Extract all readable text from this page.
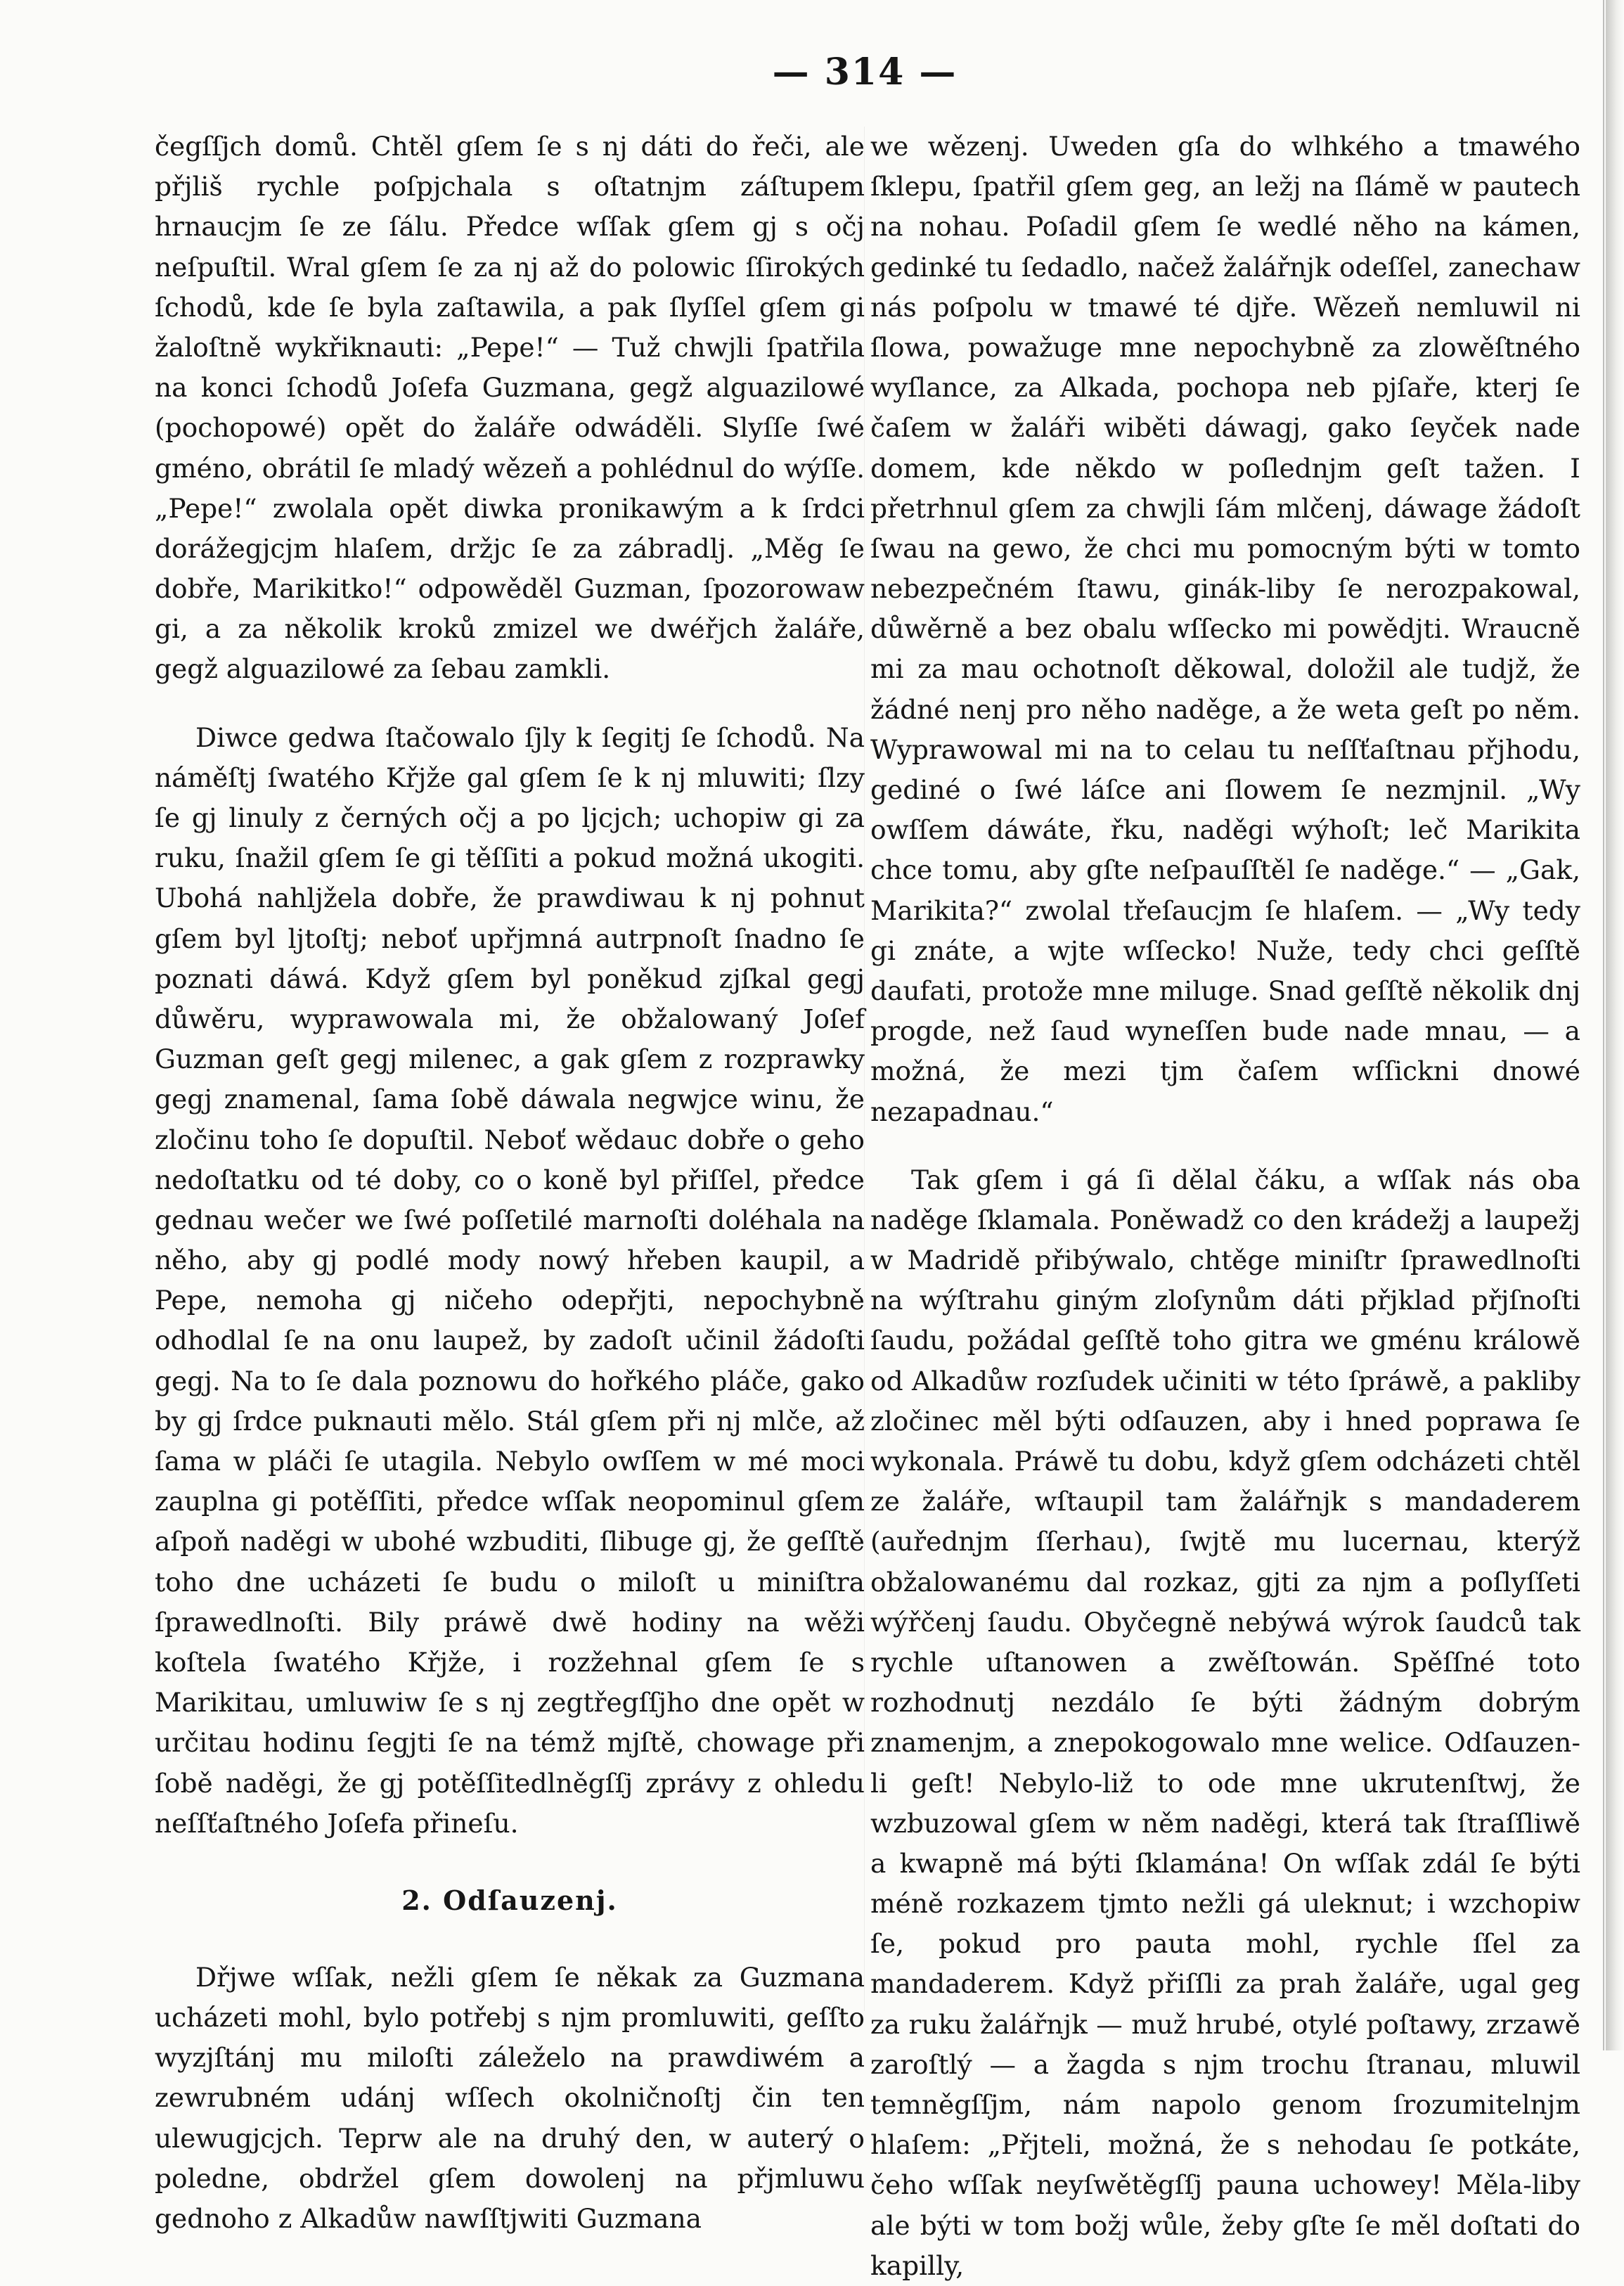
— 314 —

čegſſjch domů. Chtěl gſem ſe s nj dáti do řeči, ale přjliš rychle poſpjchala s oſtatnjm záſtupem hrnaucjm ſe ze ſálu. Předce wſſak gſem gj s očj neſpuſtil. Wral gſem ſe za nj až do polowic ſſirokých ſchodů, kde ſe byla zaſtawila, a pak ſlyſſel gſem gi žaloſtně wykřiknauti: „Pepe!“ — Tuž chwjli ſpatřila na konci ſchodů Joſefa Guzmana, gegž alguazilowé (pochopowé) opět do žaláře odwáděli. Slyſſe ſwé gméno, obrátil ſe mladý wězeň a pohlédnul do wýſſe. „Pepe!“ zwolala opět diwka pronikawým a k ſrdci dorážegjcjm hlaſem, držjc ſe za zábradlj. „Měg ſe dobře, Marikitko!“ odpowěděl Guzman, ſpozorowaw gi, a za několik kroků zmizel we dwéřjch žaláře, gegž alguazilowé za ſebau zamkli.

Diwce gedwa ſtačowalo ſjly k ſegitj ſe ſchodů. Na náměſtj ſwatého Křjže gal gſem ſe k nj mluwiti; ſlzy ſe gj linuly z černých očj a po ljcjch; uchopiw gi za ruku, ſnažil gſem ſe gi těſſiti a pokud možná ukogiti. Ubohá nahljžela dobře, že prawdiwau k nj pohnut gſem byl ljtoſtj; neboť upřjmná autrpnoſt ſnadno ſe poznati dáwá. Když gſem byl poněkud zjſkal gegj důwěru, wyprawowala mi, že obžalowaný Joſef Guzman geſt gegj milenec, a gak gſem z rozprawky gegj znamenal, ſama ſobě dáwala negwjce winu, že zločinu toho ſe dopuſtil. Neboť wědauc dobře o geho nedoſtatku od té doby, co o koně byl přiſſel, předce gednau wečer we ſwé poſſetilé marnoſti doléhala na něho, aby gj podlé mody nowý hřeben kaupil, a Pepe, nemoha gj ničeho odepřjti, nepochybně odhodlal ſe na onu laupež, by zadoſt učinil žádoſti gegj. Na to ſe dala poznowu do hořkého pláče, gako by gj ſrdce puknauti mělo. Stál gſem při nj mlče, až ſama w pláči ſe utagila. Nebylo owſſem w mé moci zauplna gi potěſſiti, předce wſſak neopominul gſem aſpoň naděgi w ubohé wzbuditi, ſlibuge gj, že geſſtě toho dne ucházeti ſe budu o miloſt u miniſtra ſprawedlnoſti. Bily práwě dwě hodiny na wěži koſtela ſwatého Křjže, i rozžehnal gſem ſe s Marikitau, umluwiw ſe s nj zegtřegſſjho dne opět w určitau hodinu ſegjti ſe na témž mjſtě, chowage při ſobě naděgi, že gj potěſſitedlněgſſj zprávy z ohledu neſſťaſtného Joſefa přineſu.

2. Odſauzenj.

Dřjwe wſſak, nežli gſem ſe někak za Guzmana ucházeti mohl, bylo potřebj s njm promluwiti, geſſto wyzjſtánj mu miloſti záleželo na prawdiwém a zewrubném udánj wſſech okolničnoſtj čin ten ulewugjcjch. Teprw ale na druhý den, w auterý o poledne, obdržel gſem dowolenj na přjmluwu gednoho z Alkadůw nawſſtjwiti Guzmana

we wězenj. Uweden gſa do wlhkého a tmawého ſklepu, ſpatřil gſem geg, an ležj na ſlámě w pautech na nohau. Poſadil gſem ſe wedlé něho na kámen, gedinké tu ſedadlo, načež žalářnjk odeſſel, zanechaw nás poſpolu w tmawé té djře. Wězeň nemluwil ni ſlowa, powažuge mne nepochybně za zlowěſtného wyſlance, za Alkada, pochopa neb pjſaře, kterj ſe čaſem w žaláři wiběti dáwagj, gako ſeyček nade domem, kde někdo w poſlednjm geſt tažen. I přetrhnul gſem za chwjli ſám mlčenj, dáwage žádoſt ſwau na gewo, že chci mu pomocným býti w tomto nebezpečném ſtawu, ginák-liby ſe nerozpakowal, důwěrně a bez obalu wſſecko mi powědjti. Wraucně mi za mau ochotnoſt děkowal, doložil ale tudjž, že žádné nenj pro něho naděge, a že weta geſt po něm. Wyprawowal mi na to celau tu neſſťaſtnau přjhodu, gediné o ſwé láſce ani ſlowem ſe nezmjnil. „Wy owſſem dáwáte, řku, naděgi wýhoſt; leč Marikita chce tomu, aby gſte neſpauſſtěl ſe naděge.“ — „Gak, Marikita?“ zwolal třeſaucjm ſe hlaſem. — „Wy tedy gi znáte, a wjte wſſecko! Nuže, tedy chci geſſtě daufati, protože mne miluge. Snad geſſtě několik dnj progde, než ſaud wyneſſen bude nade mnau, — a možná, že mezi tjm čaſem wſſickni dnowé nezapadnau.“

Tak gſem i gá ſi dělal čáku, a wſſak nás oba naděge ſklamala. Poněwadž co den krádežj a laupežj w Madridě přibýwalo, chtěge miniſtr ſprawedlnoſti na wýſtrahu giným zloſynům dáti přjklad přjſnoſti ſaudu, požádal geſſtě toho gitra we gménu králowě od Alkadůw rozſudek učiniti w této ſpráwě, a pakliby zločinec měl býti odſauzen, aby i hned poprawa ſe wykonala. Práwě tu dobu, když gſem odcházeti chtěl ze žaláře, wſtaupil tam žalářnjk s mandaderem (auřednjm ſſerhau), ſwjtě mu lucernau, kterýž obžalowanému dal rozkaz, gjti za njm a poſlyſſeti wýřčenj ſaudu. Obyčegně nebýwá wýrok ſaudců tak rychle uſtanowen a zwěſtowán. Spěſſné toto rozhodnutj nezdálo ſe býti žádným dobrým znamenjm, a znepokogowalo mne welice. Odſauzen-li geſt! Nebylo-liž to ode mne ukrutenſtwj, že wzbuzowal gſem w něm naděgi, která tak ſtraſſliwě a kwapně má býti ſklamána! On wſſak zdál ſe býti méně rozkazem tjmto nežli gá uleknut; i wzchopiw ſe, pokud pro pauta mohl, rychle ſſel za mandaderem. Když přiſſli za prah žaláře, ugal geg za ruku žalářnjk — muž hrubé, otylé poſtawy, zrzawě zaroſtlý — a žagda s njm trochu ſtranau, mluwil temněgſſjm, nám napolo genom ſrozumitelnjm hlaſem: „Přjteli, možná, že s nehodau ſe potkáte, čeho wſſak neyſwětěgſſj pauna uchowey! Měla-liby ale býti w tom božj wůle, žeby gſte ſe měl doſtati do kapilly,
